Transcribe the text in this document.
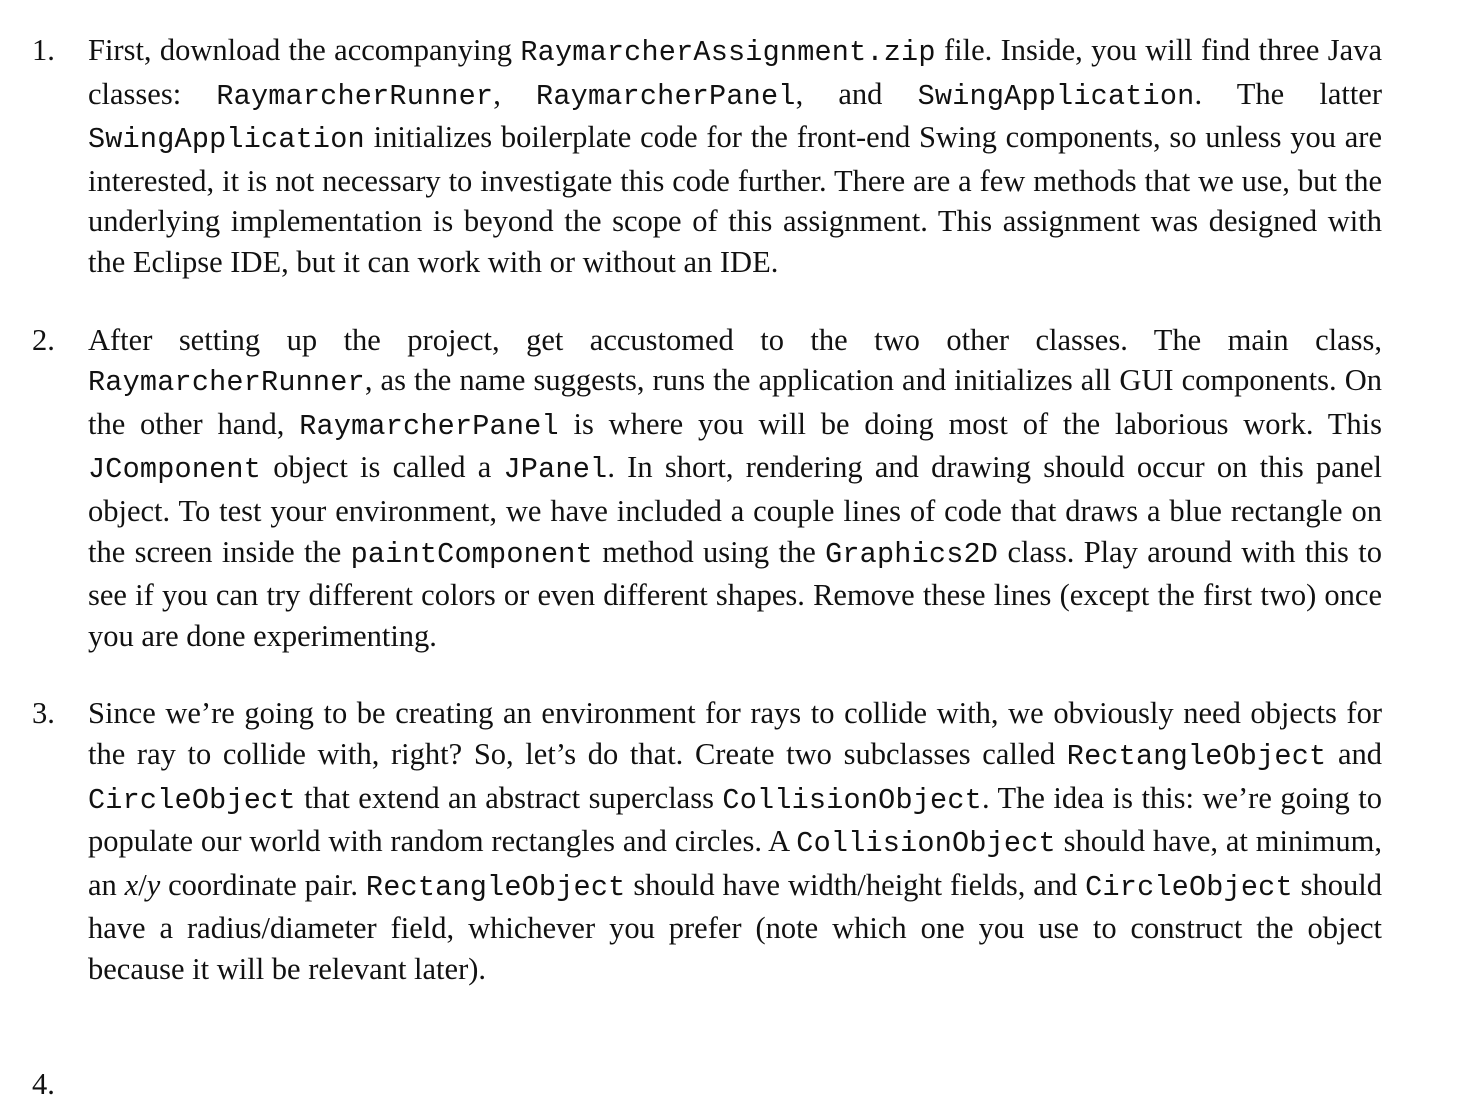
1. First, download the accompanying RaymarcherAssignment.zip file. Inside, you will find three Java classes: RaymarcherRunner, RaymarcherPanel, and SwingApplication. The latter SwingApplication initializes boilerplate code for the front-end Swing components, so unless you are interested, it is not necessary to investigate this code further. There are a few methods that we use, but the underlying implementation is beyond the scope of this assignment. This assignment was designed with the Eclipse IDE, but it can work with or without an IDE.

2. After setting up the project, get accustomed to the two other classes. The main class, RaymarcherRunner, as the name suggests, runs the application and initializes all GUI components. On the other hand, RaymarcherPanel is where you will be doing most of the laborious work. This JComponent object is called a JPanel. In short, rendering and drawing should occur on this panel object. To test your environment, we have included a couple lines of code that draws a blue rectangle on the screen inside the paintComponent method using the Graphics2D class. Play around with this to see if you can try different colors or even different shapes. Remove these lines (except the first two) once you are done experimenting.

3. Since we’re going to be creating an environment for rays to collide with, we obviously need objects for the ray to collide with, right? So, let’s do that. Create two subclasses called RectangleObject and CircleObject that extend an abstract superclass CollisionObject. The idea is this: we’re going to populate our world with random rectangles and circles. A CollisionObject should have, at minimum, an x/y coordinate pair. RectangleObject should have width/height fields, and CircleObject should have a radius/diameter field, whichever you prefer (note which one you use to construct the object because it will be relevant later).

4.
